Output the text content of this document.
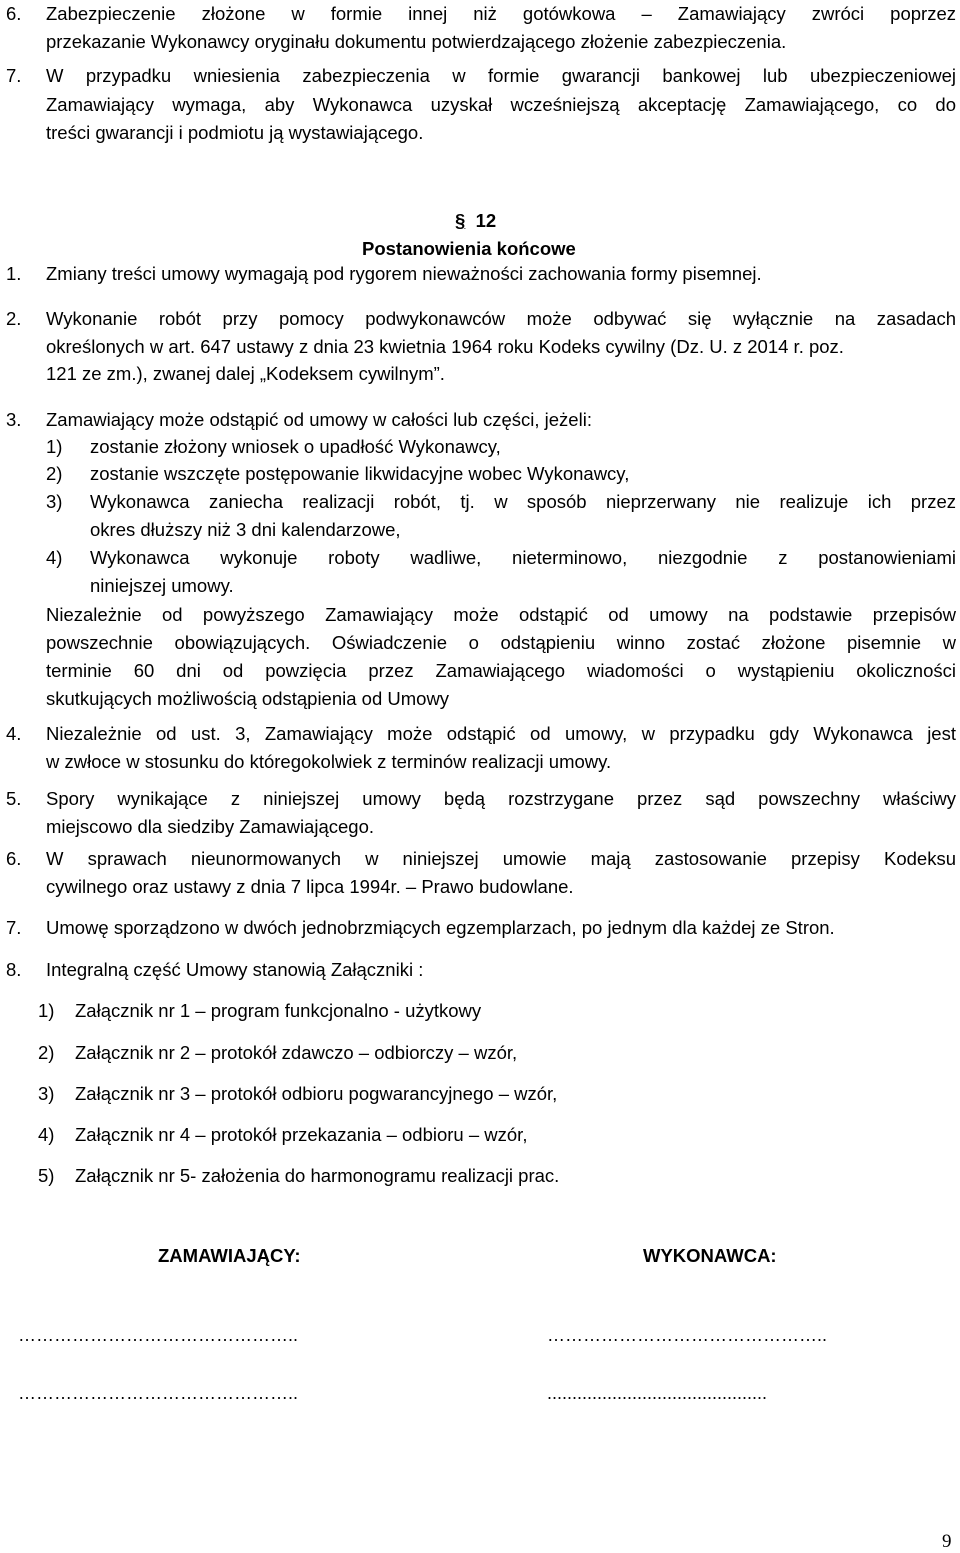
6. Zabezpieczenie złożone w formie innej niż gotówkowa – Zamawiający zwróci poprzez
przekazanie Wykonawcy oryginału dokumentu potwierdzającego złożenie zabezpieczenia.
7. W przypadku wniesienia zabezpieczenia w formie gwarancji bankowej lub ubezpieczeniowej
Zamawiający wymaga, aby Wykonawca uzyskał wcześniejszą akceptację Zamawiającego, co do
treści gwarancji i podmiotu ją wystawiającego.
§ 12
Postanowienia końcowe
1. Zmiany treści umowy wymagają pod rygorem nieważności zachowania formy pisemnej.
2. Wykonanie robót przy pomocy podwykonawców może odbywać się wyłącznie na zasadach
określonych w art. 647 ustawy z dnia 23 kwietnia 1964 roku Kodeks cywilny (Dz. U. z 2014 r. poz.
121 ze zm.), zwanej dalej „Kodeksem cywilnym”.
3. Zamawiający może odstąpić od umowy w całości lub części, jeżeli:
1) zostanie złożony wniosek o upadłość Wykonawcy,
2) zostanie wszczęte postępowanie likwidacyjne wobec Wykonawcy,
3) Wykonawca zaniecha realizacji robót, tj. w sposób nieprzerwany nie realizuje ich przez
okres dłuższy niż 3 dni kalendarzowe,
4) Wykonawca wykonuje roboty wadliwe, nieterminowo, niezgodnie z postanowieniami
niniejszej umowy.
Niezależnie od powyższego Zamawiający może odstąpić od umowy na podstawie przepisów
powszechnie obowiązujących. Oświadczenie o odstąpieniu winno zostać złożone pisemnie w
terminie 60 dni od powzięcia przez Zamawiającego wiadomości o wystąpieniu okoliczności
skutkujących możliwością odstąpienia od Umowy
4. Niezależnie od ust. 3, Zamawiający może odstąpić od umowy, w przypadku gdy Wykonawca jest
w zwłoce w stosunku do któregokolwiek z terminów realizacji umowy.
5. Spory wynikające z niniejszej umowy będą rozstrzygane przez sąd powszechny właściwy
miejscowo dla siedziby Zamawiającego.
6. W sprawach nieunormowanych w niniejszej umowie mają zastosowanie przepisy Kodeksu
cywilnego oraz ustawy z dnia 7 lipca 1994r. – Prawo budowlane.
7. Umowę sporządzono w dwóch jednobrzmiących egzemplarzach, po jednym dla każdej ze Stron.
8. Integralną część Umowy stanowią Załączniki :
1) Załącznik nr 1 – program funkcjonalno - użytkowy
2) Załącznik nr 2 – protokół zdawczo – odbiorczy – wzór,
3) Załącznik nr 3 – protokół odbioru pogwarancyjnego – wzór,
4) Załącznik nr 4 – protokół przekazania – odbioru – wzór,
5) Załącznik nr 5- założenia do harmonogramu realizacji prac.
ZAMAWIAJĄCY:	WYKONAWCA:
………………………………………..	………………………………………..
………………………………………..	............................................
9
